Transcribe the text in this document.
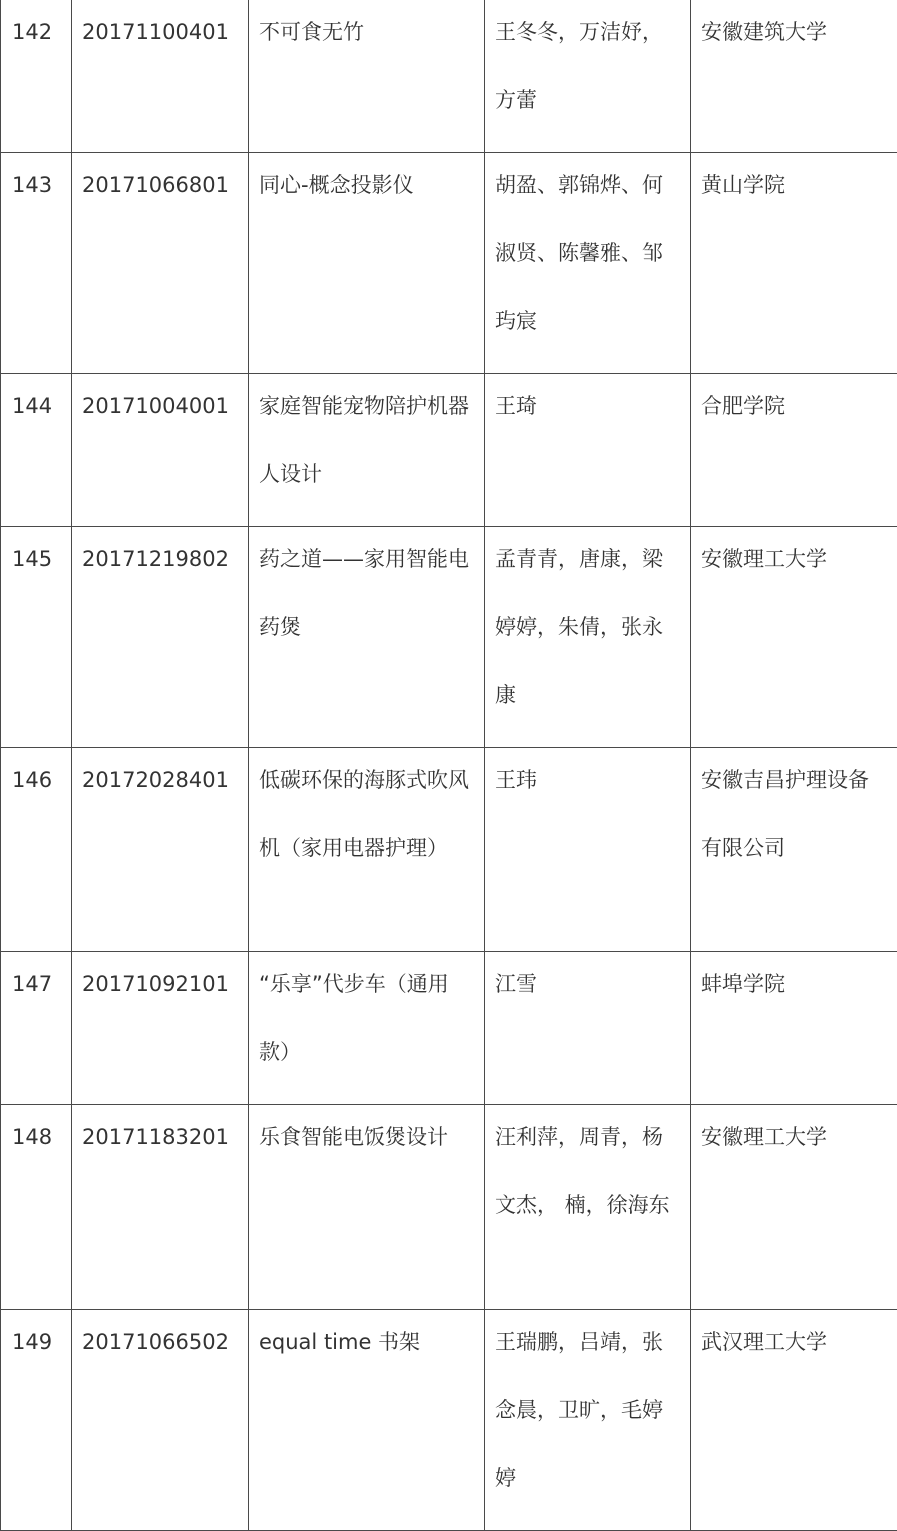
142	20171100401	不可食无竹	王冬冬，万洁妤，方蕾	安徽建筑大学

143	20171066801	同心-概念投影仪	胡盈、郭锦烨、何淑贤、陈馨雅、邹玙宸	黄山学院

144	20171004001	家庭智能宠物陪护机器人设计	王琦	合肥学院

145	20171219802	药之道——家用智能电药煲	孟青青，唐康，梁婷婷，朱倩，张永康	安徽理工大学

146	20172028401	低碳环保的海豚式吹风机（家用电器护理）	王玮	安徽吉昌护理设备有限公司

147	20171092101	“乐享”代步车（通用款）	江雪	蚌埠学院

148	20171183201	乐食智能电饭煲设计	汪利萍，周青，杨文杰， 楠，徐海东	安徽理工大学

149	20171066502	equal time 书架	王瑞鹏，吕靖，张念晨，卫旷，毛婷婷	武汉理工大学
